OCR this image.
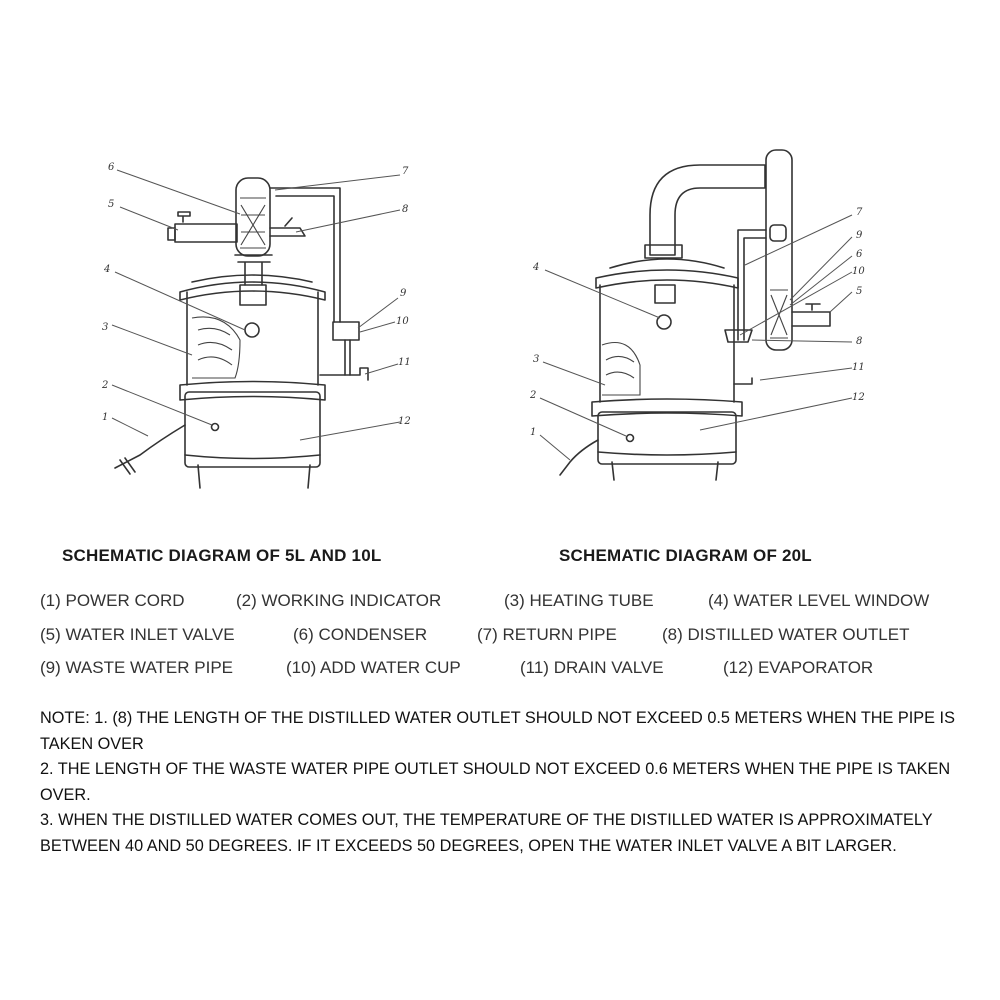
6
5
4
3
2
1
7
8
9
10
11
12
4
3
2
1
7
9
6
10
5
8
11
12
SCHEMATIC DIAGRAM OF 5L AND 10L	SCHEMATIC DIAGRAM OF 20L
(1) POWER CORD	(2) WORKING INDICATOR	(3) HEATING TUBE	(4) WATER LEVEL WINDOW
(5) WATER INLET VALVE	(6) CONDENSER	(7) RETURN PIPE	(8) DISTILLED WATER OUTLET
(9) WASTE WATER PIPE	(10) ADD WATER CUP	(11) DRAIN VALVE	(12) EVAPORATOR
NOTE: 1. (8) THE LENGTH OF THE DISTILLED WATER OUTLET SHOULD NOT EXCEED 0.5 METERS WHEN THE PIPE IS TAKEN OVER
2. THE LENGTH OF THE WASTE WATER PIPE OUTLET SHOULD NOT EXCEED 0.6 METERS WHEN THE PIPE IS TAKEN OVER.
3. WHEN THE DISTILLED WATER COMES OUT, THE TEMPERATURE OF THE DISTILLED WATER IS APPROXIMATELY BETWEEN 40 AND 50 DEGREES. IF IT EXCEEDS 50 DEGREES, OPEN THE WATER INLET VALVE A BIT LARGER.
